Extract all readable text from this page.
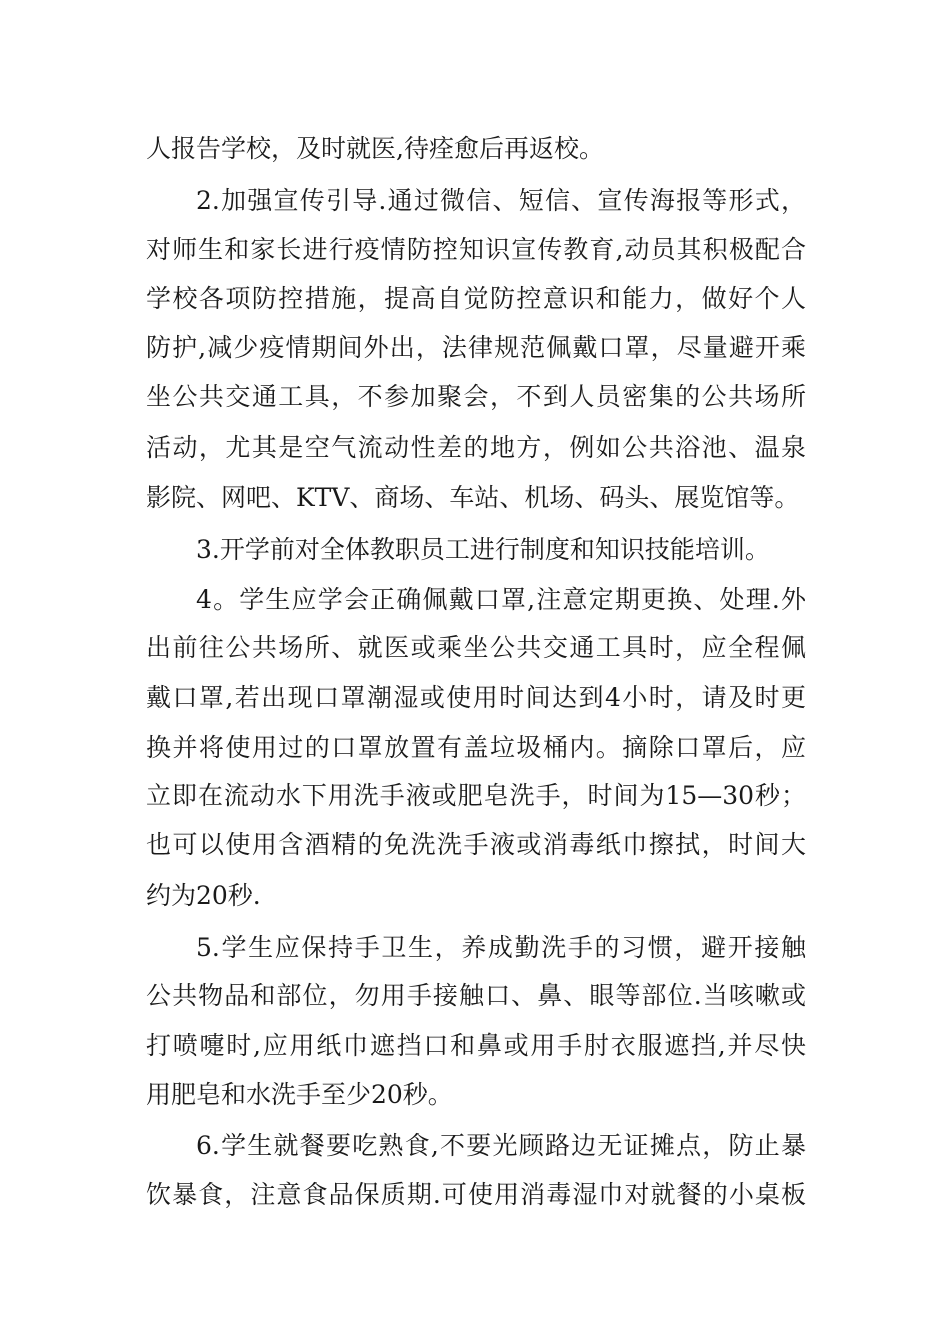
人报告学校，及时就医,待痊愈后再返校。
2.加强宣传引导.通过微信、短信、宣传海报等形式，
对师生和家长进行疫情防控知识宣传教育,动员其积极配合
学校各项防控措施，提高自觉防控意识和能力，做好个人
防护,减少疫情期间外出，法律规范佩戴口罩，尽量避开乘
坐公共交通工具，不参加聚会，不到人员密集的公共场所
活动，尤其是空气流动性差的地方，例如公共浴池、温泉
影院、网吧、KTV、商场、车站、机场、码头、展览馆等。
3.开学前对全体教职员工进行制度和知识技能培训。
4。学生应学会正确佩戴口罩,注意定期更换、处理.外
出前往公共场所、就医或乘坐公共交通工具时，应全程佩
戴口罩,若出现口罩潮湿或使用时间达到4小时，请及时更
换并将使用过的口罩放置有盖垃圾桶内。摘除口罩后，应
立即在流动水下用洗手液或肥皂洗手，时间为15—30秒；
也可以使用含酒精的免洗洗手液或消毒纸巾擦拭，时间大
约为20秒.
5.学生应保持手卫生，养成勤洗手的习惯，避开接触
公共物品和部位，勿用手接触口、鼻、眼等部位.当咳嗽或
打喷嚏时,应用纸巾遮挡口和鼻或用手肘衣服遮挡,并尽快
用肥皂和水洗手至少20秒。
6.学生就餐要吃熟食,不要光顾路边无证摊点，防止暴
饮暴食，注意食品保质期.可使用消毒湿巾对就餐的小桌板
